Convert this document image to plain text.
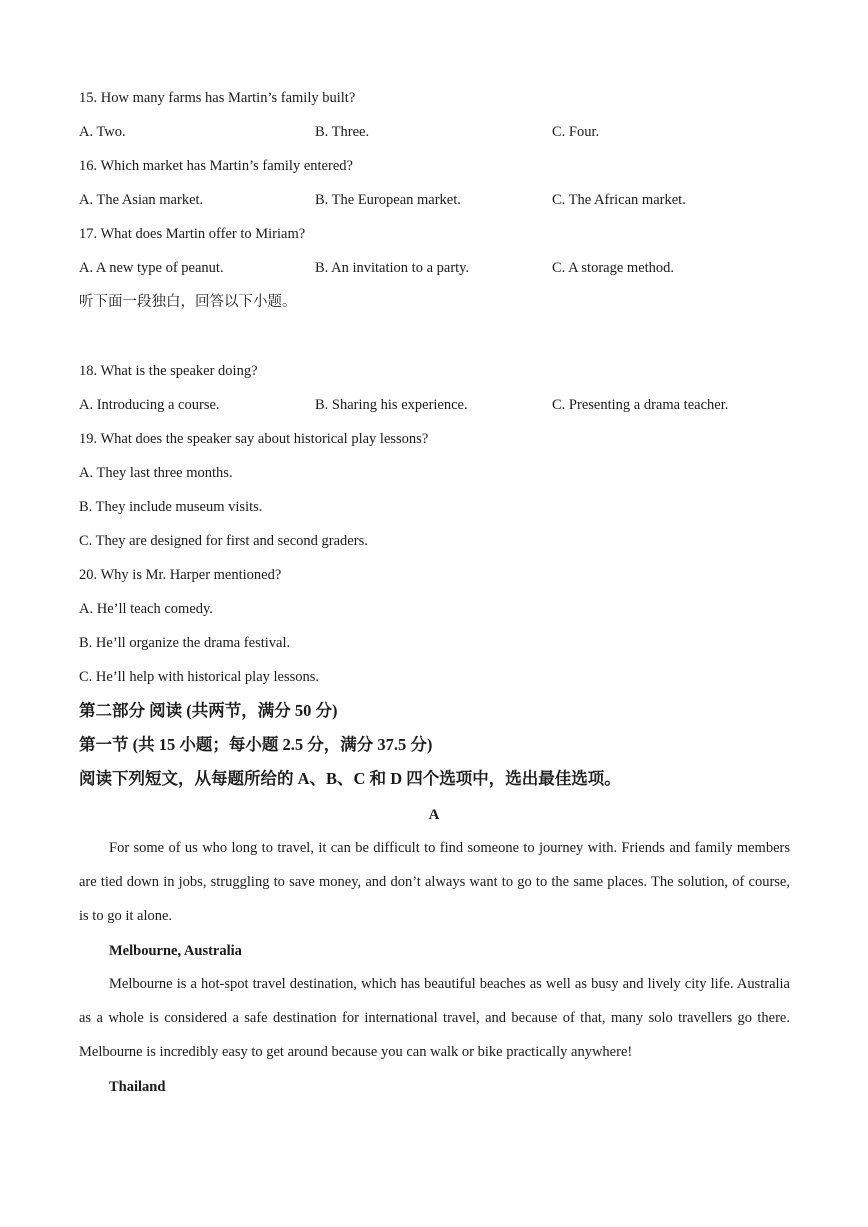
15. How many farms has Martin’s family built?
A. Two.	B. Three.	C. Four.
16. Which market has Martin’s family entered?
A. The Asian market.	B. The European market.	C. The African market.
17. What does Martin offer to Miriam?
A. A new type of peanut.	B. An invitation to a party.	C. A storage method.
听下面一段独白，回答以下小题。
18. What is the speaker doing?
A. Introducing a course.	B. Sharing his experience.	C. Presenting a drama teacher.
19. What does the speaker say about historical play lessons?
A. They last three months.
B. They include museum visits.
C. They are designed for first and second graders.
20. Why is Mr. Harper mentioned?
A. He’ll teach comedy.
B. He’ll organize the drama festival.
C. He’ll help with historical play lessons.
第二部分 阅读 (共两节，满分 50 分)
第一节 (共 15 小题；每小题 2.5 分，满分 37.5 分)
阅读下列短文，从每题所给的 A、B、C 和 D 四个选项中，选出最佳选项。
A
For some of us who long to travel, it can be difficult to find someone to journey with. Friends and family members are tied down in jobs, struggling to save money, and don’t always want to go to the same places. The solution, of course, is to go it alone.
Melbourne, Australia
Melbourne is a hot-spot travel destination, which has beautiful beaches as well as busy and lively city life. Australia as a whole is considered a safe destination for international travel, and because of that, many solo travellers go there. Melbourne is incredibly easy to get around because you can walk or bike practically anywhere!
Thailand
